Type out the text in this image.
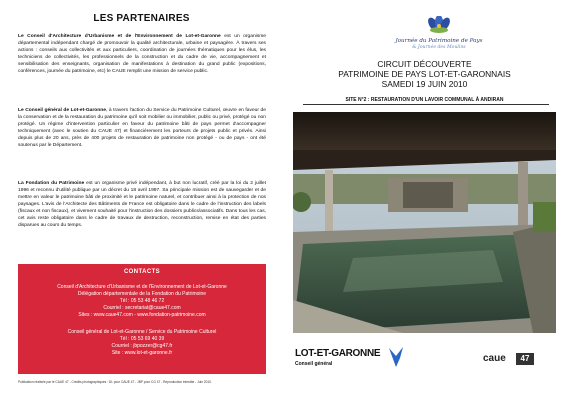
LES PARTENAIRES

Le Conseil d'Architecture d'Urbanisme et de l'Environnement de Lot-et-Garonne est un organisme départemental indépendant chargé de promouvoir la qualité architecturale, urbaine et paysagère. À travers ses actions : conseils aux collectivités et aux particuliers, coordination de journées thématiques pour les élus, les techniciens de collectivités, les professionnels de la construction et du cadre de vie, accompagnement et sensibilisation des enseignants, organisation de manifestations à destination du grand public (expositions, conférences, journée du patrimoine, etc) le CAUE remplit une mission de service public.

Le Conseil général de Lot-et-Garonne, à travers l'action du Service du Patrimoine Culturel, œuvre en faveur de la conservation et de la restauration du patrimoine qu'il soit mobilier ou immobilier, public ou privé, protégé ou non protégé. Un régime d'intervention particulier en faveur du patrimoine bâti de pays permet d'accompagner techniquement (avec le soutien du CAUE 47) et financièrement les porteurs de projets public et privés. Ainsi depuis plus de 20 ans, près de 400 projets de restauration de patrimoine non protégé - ou de pays - ont été soutenus par le Département.

La Fondation du Patrimoine est un organisme privé indépendant, à but non lucratif, créé par la loi du 2 juillet 1996 et reconnu d'utilité publique par un décret du 18 avril 1997. Sa principale mission est de sauvegarder et de mettre en valeur le patrimoine bâti de proximité et le patrimoine naturel, et contribuer ainsi à la protection de nos paysages. L'avis de l'Architecte des Bâtiments de France est obligatoire dans le cadre de l'instruction des labels (fiscaux et non fiscaux), et vivement souhaité pour l'instruction des dossiers publics/associatifs. Dans tous les cas, cet avis reste obligatoire dans le cadre de travaux de destruction, reconstruction, remise en état des parties disparues au cours du temps.

CONTACTS
Conseil d'Architecture d'Urbanisme et de l'Environnement de Lot-et-Garonne
Délégation départementale de la Fondation du Patrimoine
Tél : 05 53 48 46 72
Courriel : secretariat@caue47.com
Sites : www.caue47.com - www.fondation-patrimoine.com
Conseil général de Lot-et-Garonne / Service du Patrimoine Culturel
Tél : 05 53 69 40 39
Courriel : jbpozzer@cg47.fr
Site : www.lot-et-garonne.fr
Publication réalisée par le CAUE 47 - Crédits photographiques : DL pour CAUE 47 - JBP pour CG 47 - Reproduction interdite - Juin 2010.
Journée du Patrimoine de Pays
& Journée des Moulins
CIRCUIT DÉCOUVERTE
PATRIMOINE DE PAYS LOT-ET-GARONNAIS
SAMEDI 19 JUIN 2010
SITE N°2 : RESTAURATION D'UN LAVOIR COMMUNAL À ANDIRAN
LOT-ET-GARONNE
Conseil général	caue	47
